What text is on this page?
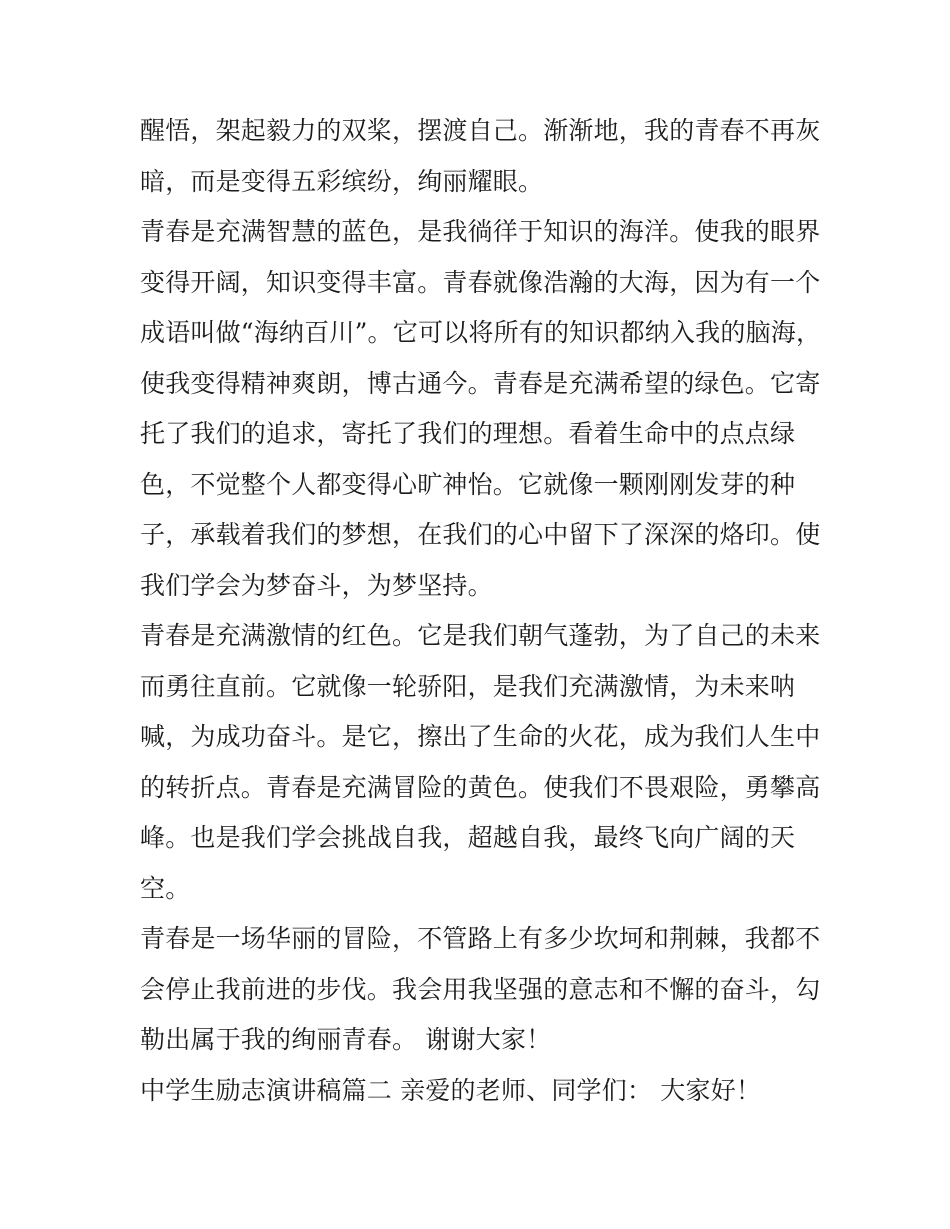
醒悟，架起毅力的双桨，摆渡自己。渐渐地，我的青春不再灰
暗，而是变得五彩缤纷，绚丽耀眼。
青春是充满智慧的蓝色，是我徜徉于知识的海洋。使我的眼界
变得开阔，知识变得丰富。青春就像浩瀚的大海，因为有一个
成语叫做“海纳百川”。它可以将所有的知识都纳入我的脑海，
使我变得精神爽朗，博古通今。青春是充满希望的绿色。它寄
托了我们的追求，寄托了我们的理想。看着生命中的点点绿
色，不觉整个人都变得心旷神怡。它就像一颗刚刚发芽的种
子，承载着我们的梦想，在我们的心中留下了深深的烙印。使
我们学会为梦奋斗，为梦坚持。
青春是充满激情的红色。它是我们朝气蓬勃，为了自己的未来
而勇往直前。它就像一轮骄阳，是我们充满激情，为未来呐
喊，为成功奋斗。是它，擦出了生命的火花，成为我们人生中
的转折点。青春是充满冒险的黄色。使我们不畏艰险，勇攀高
峰。也是我们学会挑战自我，超越自我，最终飞向广阔的天
空。
青春是一场华丽的冒险，不管路上有多少坎坷和荆棘，我都不
会停止我前进的步伐。我会用我坚强的意志和不懈的奋斗，勾
勒出属于我的绚丽青春。 谢谢大家！
中学生励志演讲稿篇二 亲爱的老师、同学们： 大家好！
